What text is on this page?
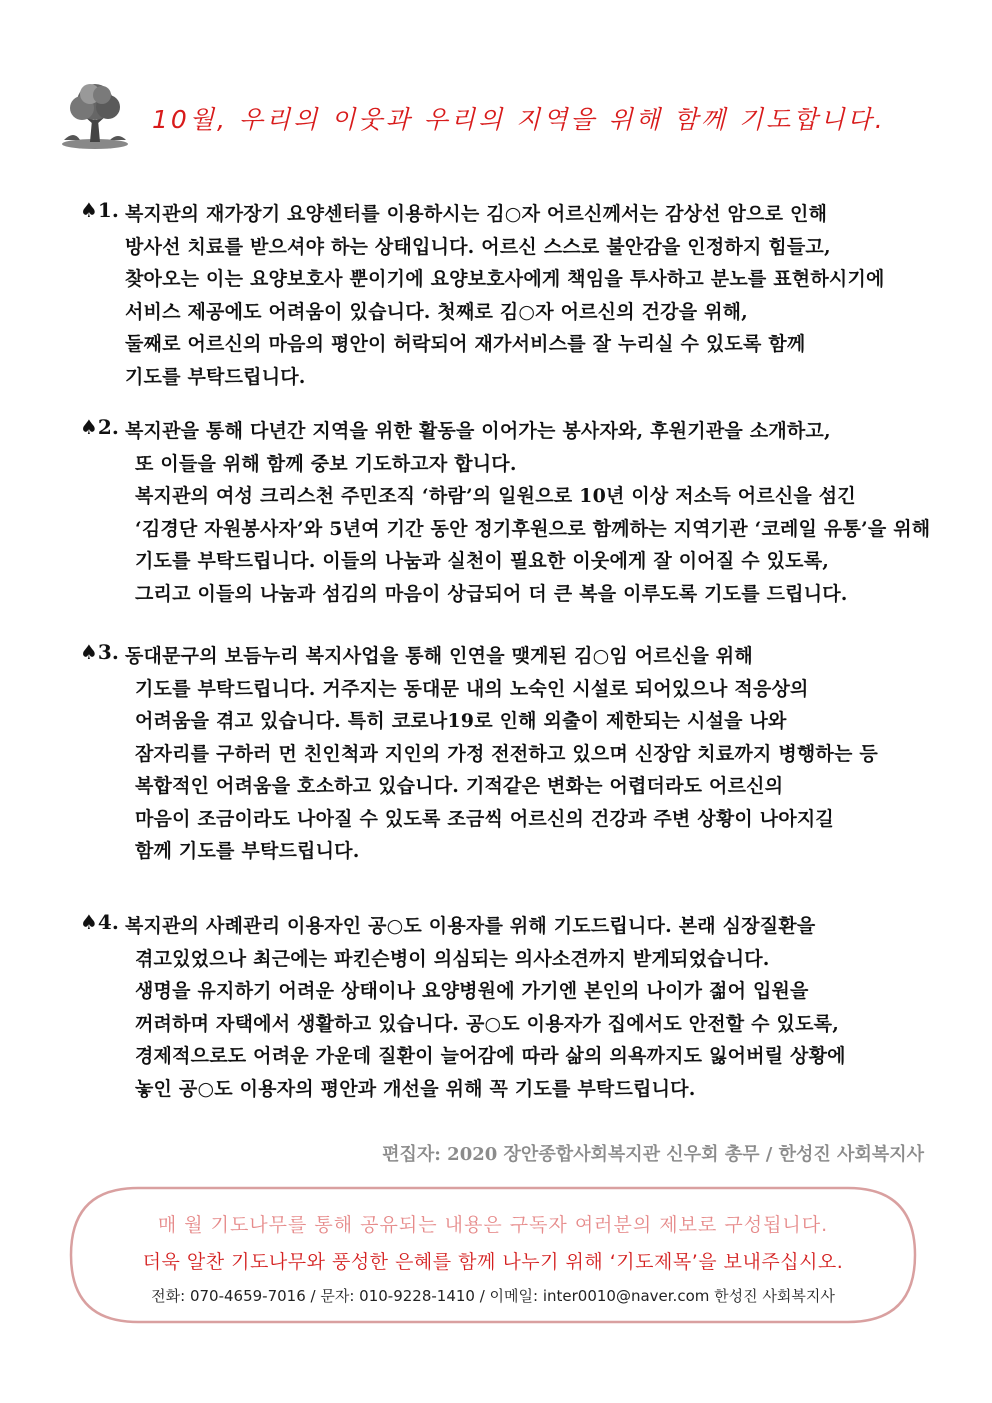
10월, 우리의 이웃과 우리의 지역을 위해 함께 기도합니다.
♠1. 복지관의 재가장기 요양센터를 이용하시는 김○자 어르신께서는 감상선 암으로 인해
방사선 치료를 받으셔야 하는 상태입니다. 어르신 스스로 불안감을 인정하지 힘들고,
찾아오는 이는 요양보호사 뿐이기에 요양보호사에게 책임을 투사하고 분노를 표현하시기에
서비스 제공에도 어려움이 있습니다. 첫째로 김○자 어르신의 건강을 위해,
둘째로 어르신의 마음의 평안이 허락되어 재가서비스를 잘 누리실 수 있도록 함께
기도를 부탁드립니다.
♠2. 복지관을 통해 다년간 지역을 위한 활동을 이어가는 봉사자와, 후원기관을 소개하고,
또 이들을 위해 함께 중보 기도하고자 합니다.
복지관의 여성 크리스천 주민조직 ‘하람’의 일원으로 10년 이상 저소득 어르신을 섬긴
‘김경단 자원봉사자’와 5년여 기간 동안 정기후원으로 함께하는 지역기관 ‘코레일 유통’을 위해
기도를 부탁드립니다. 이들의 나눔과 실천이 필요한 이웃에게 잘 이어질 수 있도록,
그리고 이들의 나눔과 섬김의 마음이 상급되어 더 큰 복을 이루도록 기도를 드립니다.
♠3. 동대문구의 보듬누리 복지사업을 통해 인연을 맺게된 김○임 어르신을 위해
기도를 부탁드립니다. 거주지는 동대문 내의 노숙인 시설로 되어있으나 적응상의
어려움을 겪고 있습니다. 특히 코로나19로 인해 외출이 제한되는 시설을 나와
잠자리를 구하러 먼 친인척과 지인의 가정 전전하고 있으며 신장암 치료까지 병행하는 등
복합적인 어려움을 호소하고 있습니다. 기적같은 변화는 어렵더라도 어르신의
마음이 조금이라도 나아질 수 있도록 조금씩 어르신의 건강과 주변 상황이 나아지길
함께 기도를 부탁드립니다.
♠4. 복지관의 사례관리 이용자인 공○도 이용자를 위해 기도드립니다. 본래 심장질환을
겪고있었으나 최근에는 파킨슨병이 의심되는 의사소견까지 받게되었습니다.
생명을 유지하기 어려운 상태이나 요양병원에 가기엔 본인의 나이가 젊어 입원을
꺼려하며 자택에서 생활하고 있습니다. 공○도 이용자가 집에서도 안전할 수 있도록,
경제적으로도 어려운 가운데 질환이 늘어감에 따라 삶의 의욕까지도 잃어버릴 상황에
놓인 공○도 이용자의 평안과 개선을 위해 꼭 기도를 부탁드립니다.
편집자: 2020 장안종합사회복지관 신우회 총무 / 한성진 사회복지사
매 월 기도나무를 통해 공유되는 내용은 구독자 여러분의 제보로 구성됩니다.
더욱 알찬 기도나무와 풍성한 은혜를 함께 나누기 위해 ‘기도제목’을 보내주십시오.
전화: 070-4659-7016 / 문자: 010-9228-1410 / 이메일: inter0010@naver.com 한성진 사회복지사
